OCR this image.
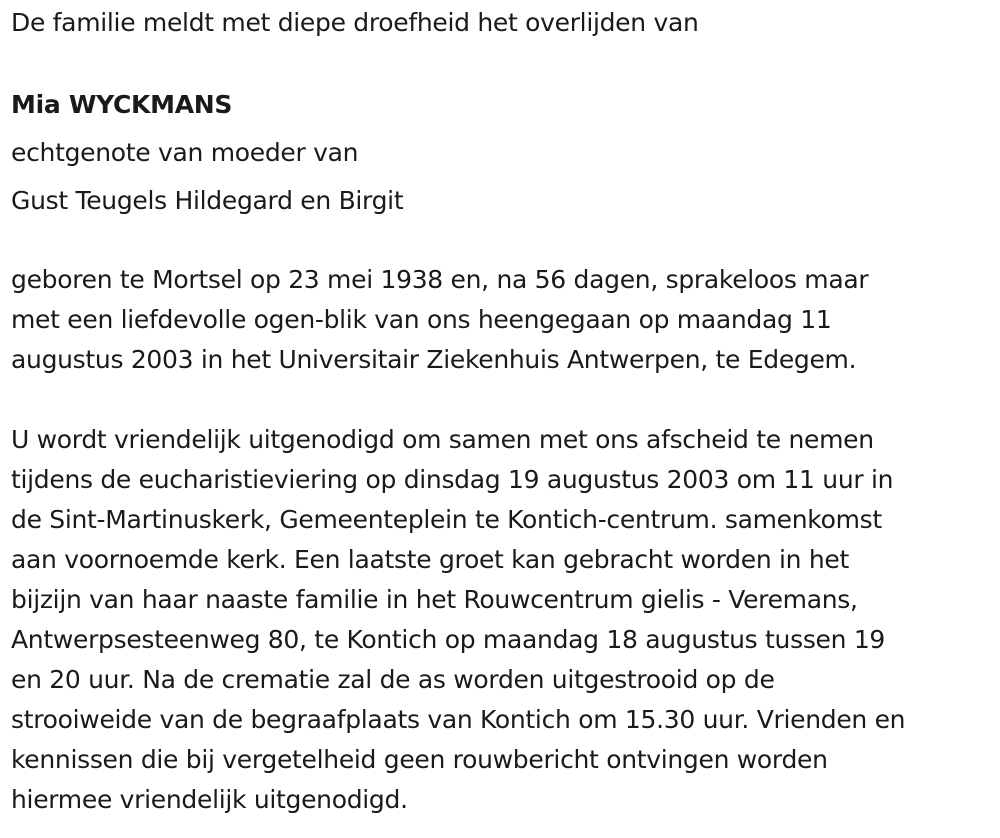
De familie meldt met diepe droefheid het overlijden van
Mia WYCKMANS
echtgenote van moeder van
Gust Teugels Hildegard en Birgit
geboren te Mortsel op 23 mei 1938 en, na 56 dagen, sprakeloos maar
met een liefdevolle ogen-blik van ons heengegaan op maandag 11
augustus 2003 in het Universitair Ziekenhuis Antwerpen, te Edegem.
U wordt vriendelijk uitgenodigd om samen met ons afscheid te nemen
tijdens de eucharistieviering op dinsdag 19 augustus 2003 om 11 uur in
de Sint-Martinuskerk, Gemeenteplein te Kontich-centrum. samenkomst
aan voornoemde kerk. Een laatste groet kan gebracht worden in het
bijzijn van haar naaste familie in het Rouwcentrum gielis - Veremans,
Antwerpsesteenweg 80, te Kontich op maandag 18 augustus tussen 19
en 20 uur. Na de crematie zal de as worden uitgestrooid op de
strooiweide van de begraafplaats van Kontich om 15.30 uur. Vrienden en
kennissen die bij vergetelheid geen rouwbericht ontvingen worden
hiermee vriendelijk uitgenodigd.
